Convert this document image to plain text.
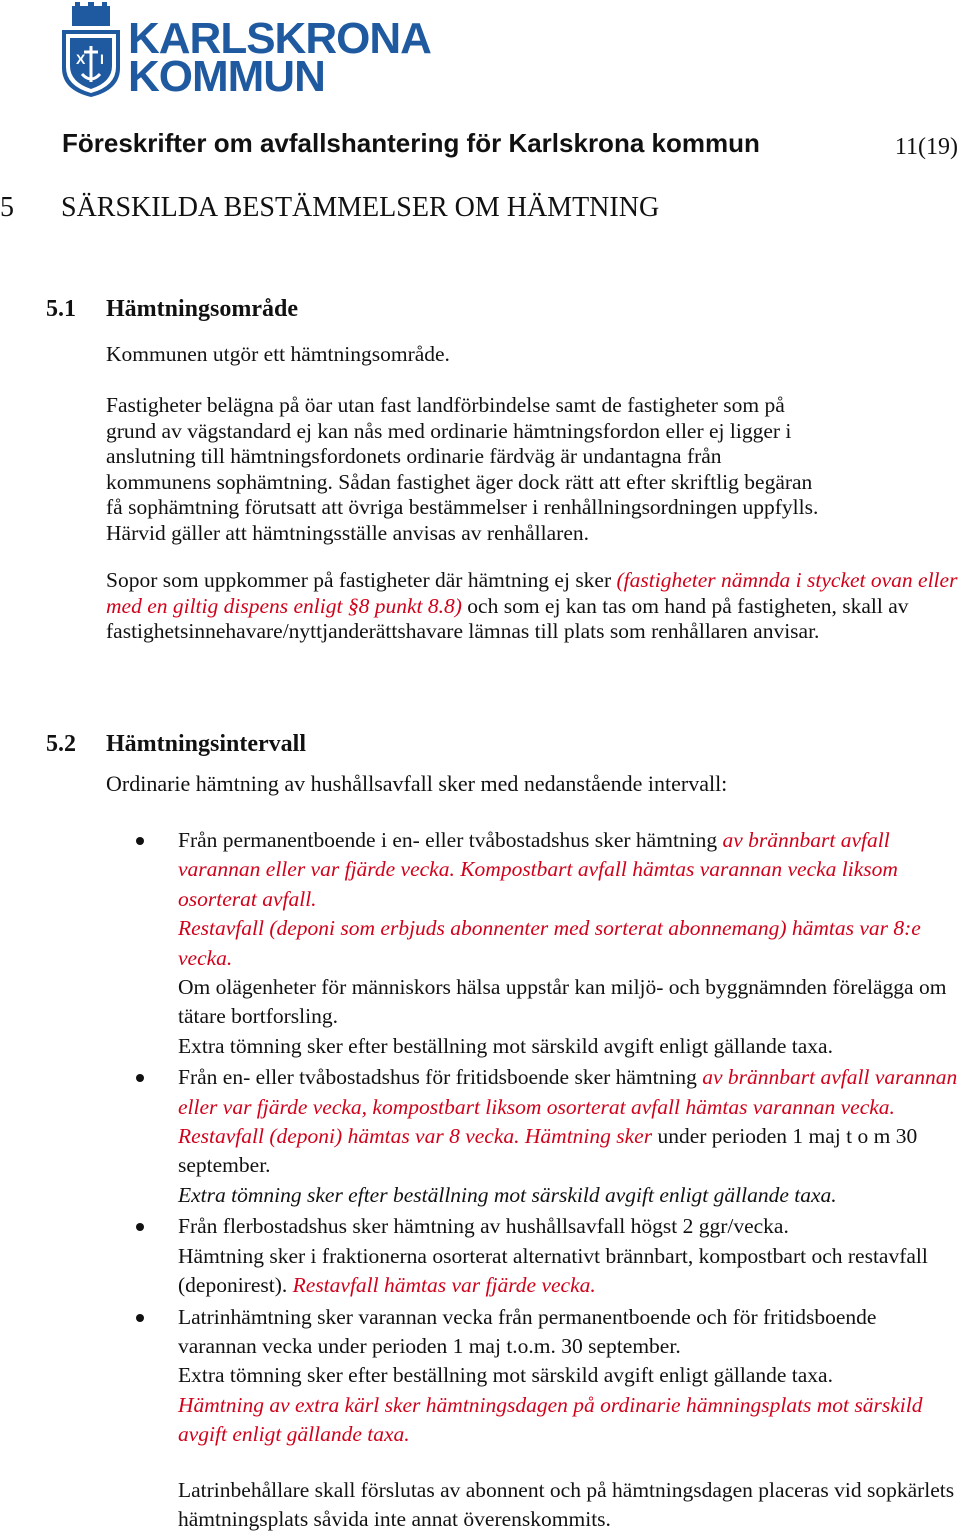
X I KARLSKRONA
KOMMUN
Föreskrifter om avfallshantering för Karlskrona kommun	11(19)
5 SÄRSKILDA BESTÄMMELSER OM HÄMTNING
5.1 Hämtningsområde
Kommunen utgör ett hämtningsområde.
Fastigheter belägna på öar utan fast landförbindelse samt de fastigheter som på
grund av vägstandard ej kan nås med ordinarie hämtningsfordon eller ej ligger i
anslutning till hämtningsfordonets ordinarie färdväg är undantagna från
kommunens sophämtning. Sådan fastighet äger dock rätt att efter skriftlig begäran
få sophämtning förutsatt att övriga bestämmelser i renhållningsordningen uppfylls.
Härvid gäller att hämtningsställe anvisas av renhållaren.
Sopor som uppkommer på fastigheter där hämtning ej sker (fastigheter nämnda i stycket ovan eller med en giltig dispens enligt §8 punkt 8.8) och som ej kan tas om hand på fastigheten, skall av fastighetsinnehavare/nyttjanderättshavare lämnas till plats som renhållaren anvisar.
5.2 Hämtningsintervall
Ordinarie hämtning av hushållsavfall sker med nedanstående intervall:
Från permanentboende i en- eller tvåbostadshus sker hämtning av brännbart avfall varannan eller var fjärde vecka. Kompostbart avfall hämtas varannan vecka liksom osorterat avfall.
Restavfall (deponi som erbjuds abonnenter med sorterat abonnemang) hämtas var 8:e vecka.
Om olägenheter för människors hälsa uppstår kan miljö- och byggnämnden förelägga om tätare bortforsling.
Extra tömning sker efter beställning mot särskild avgift enligt gällande taxa.
Från en- eller tvåbostadshus för fritidsboende sker hämtning av brännbart avfall varannan eller var fjärde vecka, kompostbart liksom osorterat avfall hämtas varannan vecka. Restavfall (deponi) hämtas var 8 vecka. Hämtning sker under perioden 1 maj t o m 30 september.
Extra tömning sker efter beställning mot särskild avgift enligt gällande taxa.
Från flerbostadshus sker hämtning av hushållsavfall högst 2 ggr/vecka.
Hämtning sker i fraktionerna osorterat alternativt brännbart, kompostbart och restavfall (deponirest). Restavfall hämtas var fjärde vecka.
Latrinhämtning sker varannan vecka från permanentboende och för fritidsboende varannan vecka under perioden 1 maj t.o.m. 30 september.
Extra tömning sker efter beställning mot särskild avgift enligt gällande taxa.
Hämtning av extra kärl sker hämtningsdagen på ordinarie hämningsplats mot särskild avgift enligt gällande taxa.
Latrinbehållare skall förslutas av abonnent och på hämtningsdagen placeras vid sopkärlets hämtningsplats såvida inte annat överenskommits.
